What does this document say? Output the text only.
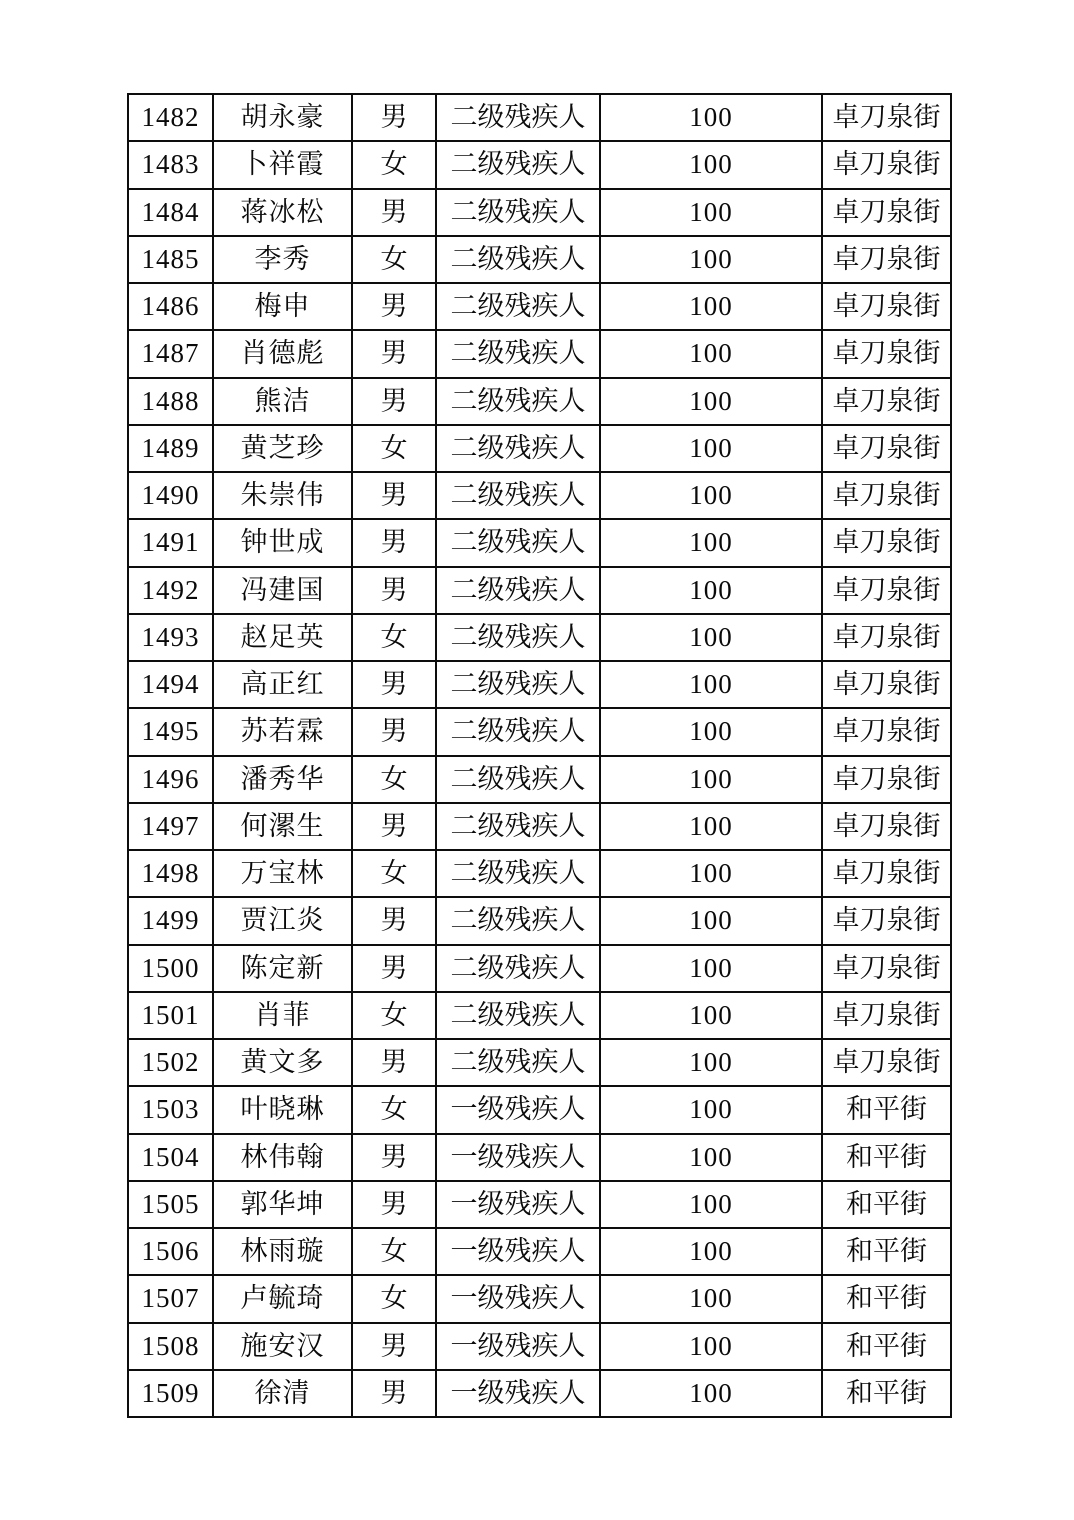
1482	胡永豪	男	二级残疾人	100	卓刀泉街
1483	卜祥霞	女	二级残疾人	100	卓刀泉街
1484	蒋冰松	男	二级残疾人	100	卓刀泉街
1485	李秀	女	二级残疾人	100	卓刀泉街
1486	梅申	男	二级残疾人	100	卓刀泉街
1487	肖德彪	男	二级残疾人	100	卓刀泉街
1488	熊洁	男	二级残疾人	100	卓刀泉街
1489	黄芝珍	女	二级残疾人	100	卓刀泉街
1490	朱崇伟	男	二级残疾人	100	卓刀泉街
1491	钟世成	男	二级残疾人	100	卓刀泉街
1492	冯建国	男	二级残疾人	100	卓刀泉街
1493	赵足英	女	二级残疾人	100	卓刀泉街
1494	高正红	男	二级残疾人	100	卓刀泉街
1495	苏若霖	男	二级残疾人	100	卓刀泉街
1496	潘秀华	女	二级残疾人	100	卓刀泉街
1497	何漯生	男	二级残疾人	100	卓刀泉街
1498	万宝林	女	二级残疾人	100	卓刀泉街
1499	贾江炎	男	二级残疾人	100	卓刀泉街
1500	陈定新	男	二级残疾人	100	卓刀泉街
1501	肖菲	女	二级残疾人	100	卓刀泉街
1502	黄文多	男	二级残疾人	100	卓刀泉街
1503	叶晓琳	女	一级残疾人	100	和平街
1504	林伟翰	男	一级残疾人	100	和平街
1505	郭华坤	男	一级残疾人	100	和平街
1506	林雨璇	女	一级残疾人	100	和平街
1507	卢毓琦	女	一级残疾人	100	和平街
1508	施安汉	男	一级残疾人	100	和平街
1509	徐清	男	一级残疾人	100	和平街
